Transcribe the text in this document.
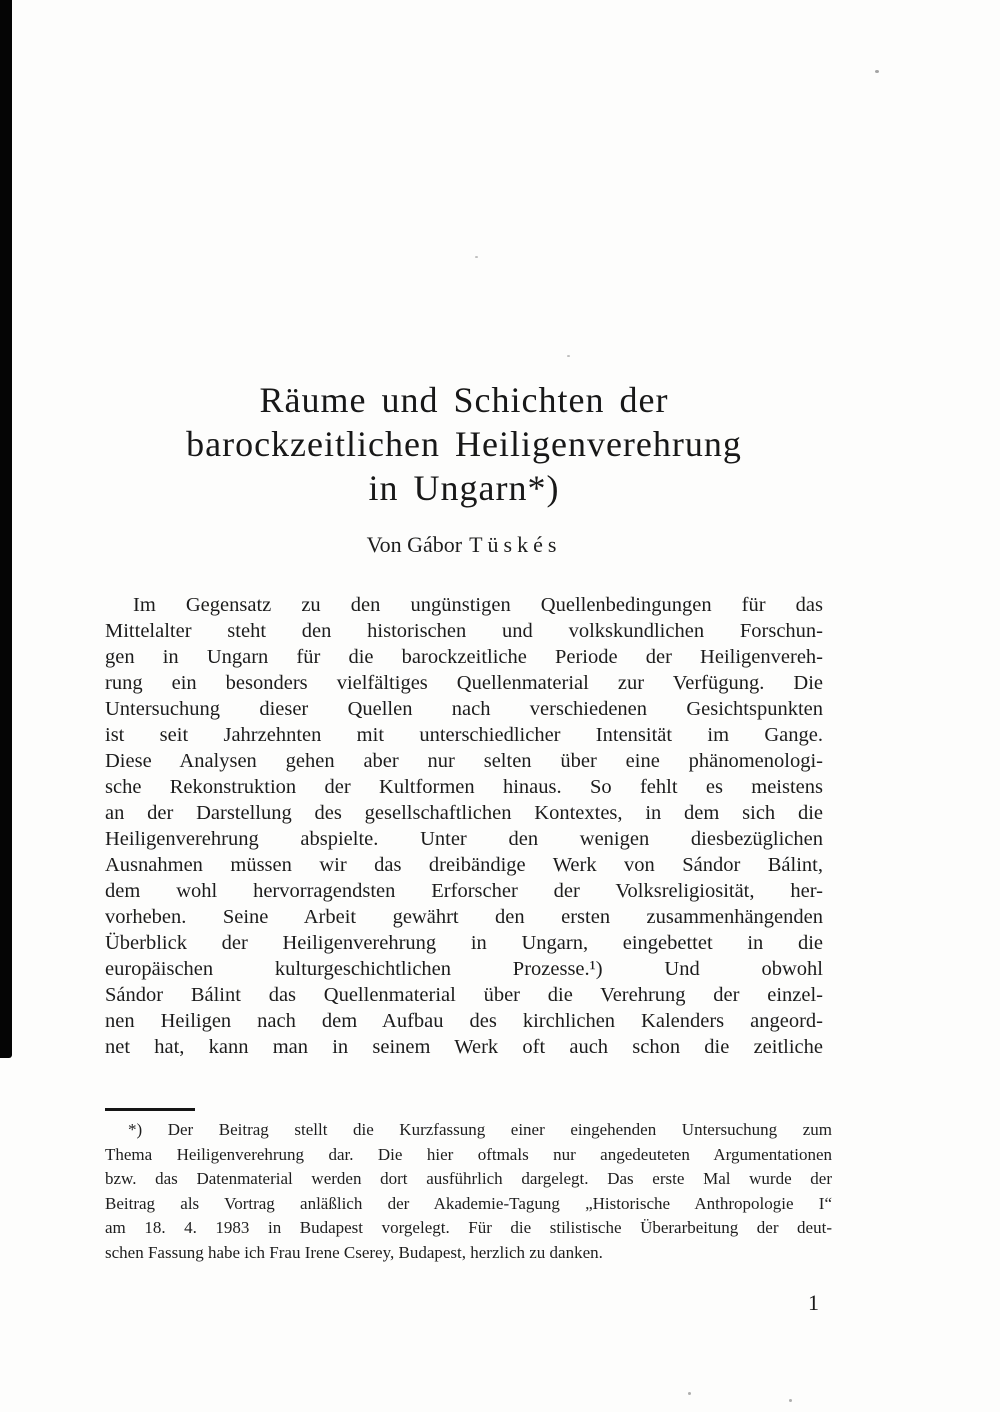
Räume und Schichten der
barockzeitlichen Heiligenverehrung
in Ungarn*)
Von Gábor Tüskés
Im Gegensatz zu den ungünstigen Quellenbedingungen für das
Mittelalter steht den historischen und volkskundlichen Forschun-
gen in Ungarn für die barockzeitliche Periode der Heiligenvereh-
rung ein besonders vielfältiges Quellenmaterial zur Verfügung. Die
Untersuchung dieser Quellen nach verschiedenen Gesichtspunkten
ist seit Jahrzehnten mit unterschiedlicher Intensität im Gange.
Diese Analysen gehen aber nur selten über eine phänomenologi-
sche Rekonstruktion der Kultformen hinaus. So fehlt es meistens
an der Darstellung des gesellschaftlichen Kontextes, in dem sich die
Heiligenverehrung abspielte. Unter den wenigen diesbezüglichen
Ausnahmen müssen wir das dreibändige Werk von Sándor Bálint,
dem wohl hervorragendsten Erforscher der Volksreligiosität, her-
vorheben. Seine Arbeit gewährt den ersten zusammenhängenden
Überblick der Heiligenverehrung in Ungarn, eingebettet in die
europäischen kulturgeschichtlichen Prozesse.¹) Und obwohl
Sándor Bálint das Quellenmaterial über die Verehrung der einzel-
nen Heiligen nach dem Aufbau des kirchlichen Kalenders angeord-
net hat, kann man in seinem Werk oft auch schon die zeitliche
*) Der Beitrag stellt die Kurzfassung einer eingehenden Untersuchung zum
Thema Heiligenverehrung dar. Die hier oftmals nur angedeuteten Argumentationen
bzw. das Datenmaterial werden dort ausführlich dargelegt. Das erste Mal wurde der
Beitrag als Vortrag anläßlich der Akademie-Tagung „Historische Anthropologie I“
am 18. 4. 1983 in Budapest vorgelegt. Für die stilistische Überarbeitung der deut-
schen Fassung habe ich Frau Irene Cserey, Budapest, herzlich zu danken.
1
